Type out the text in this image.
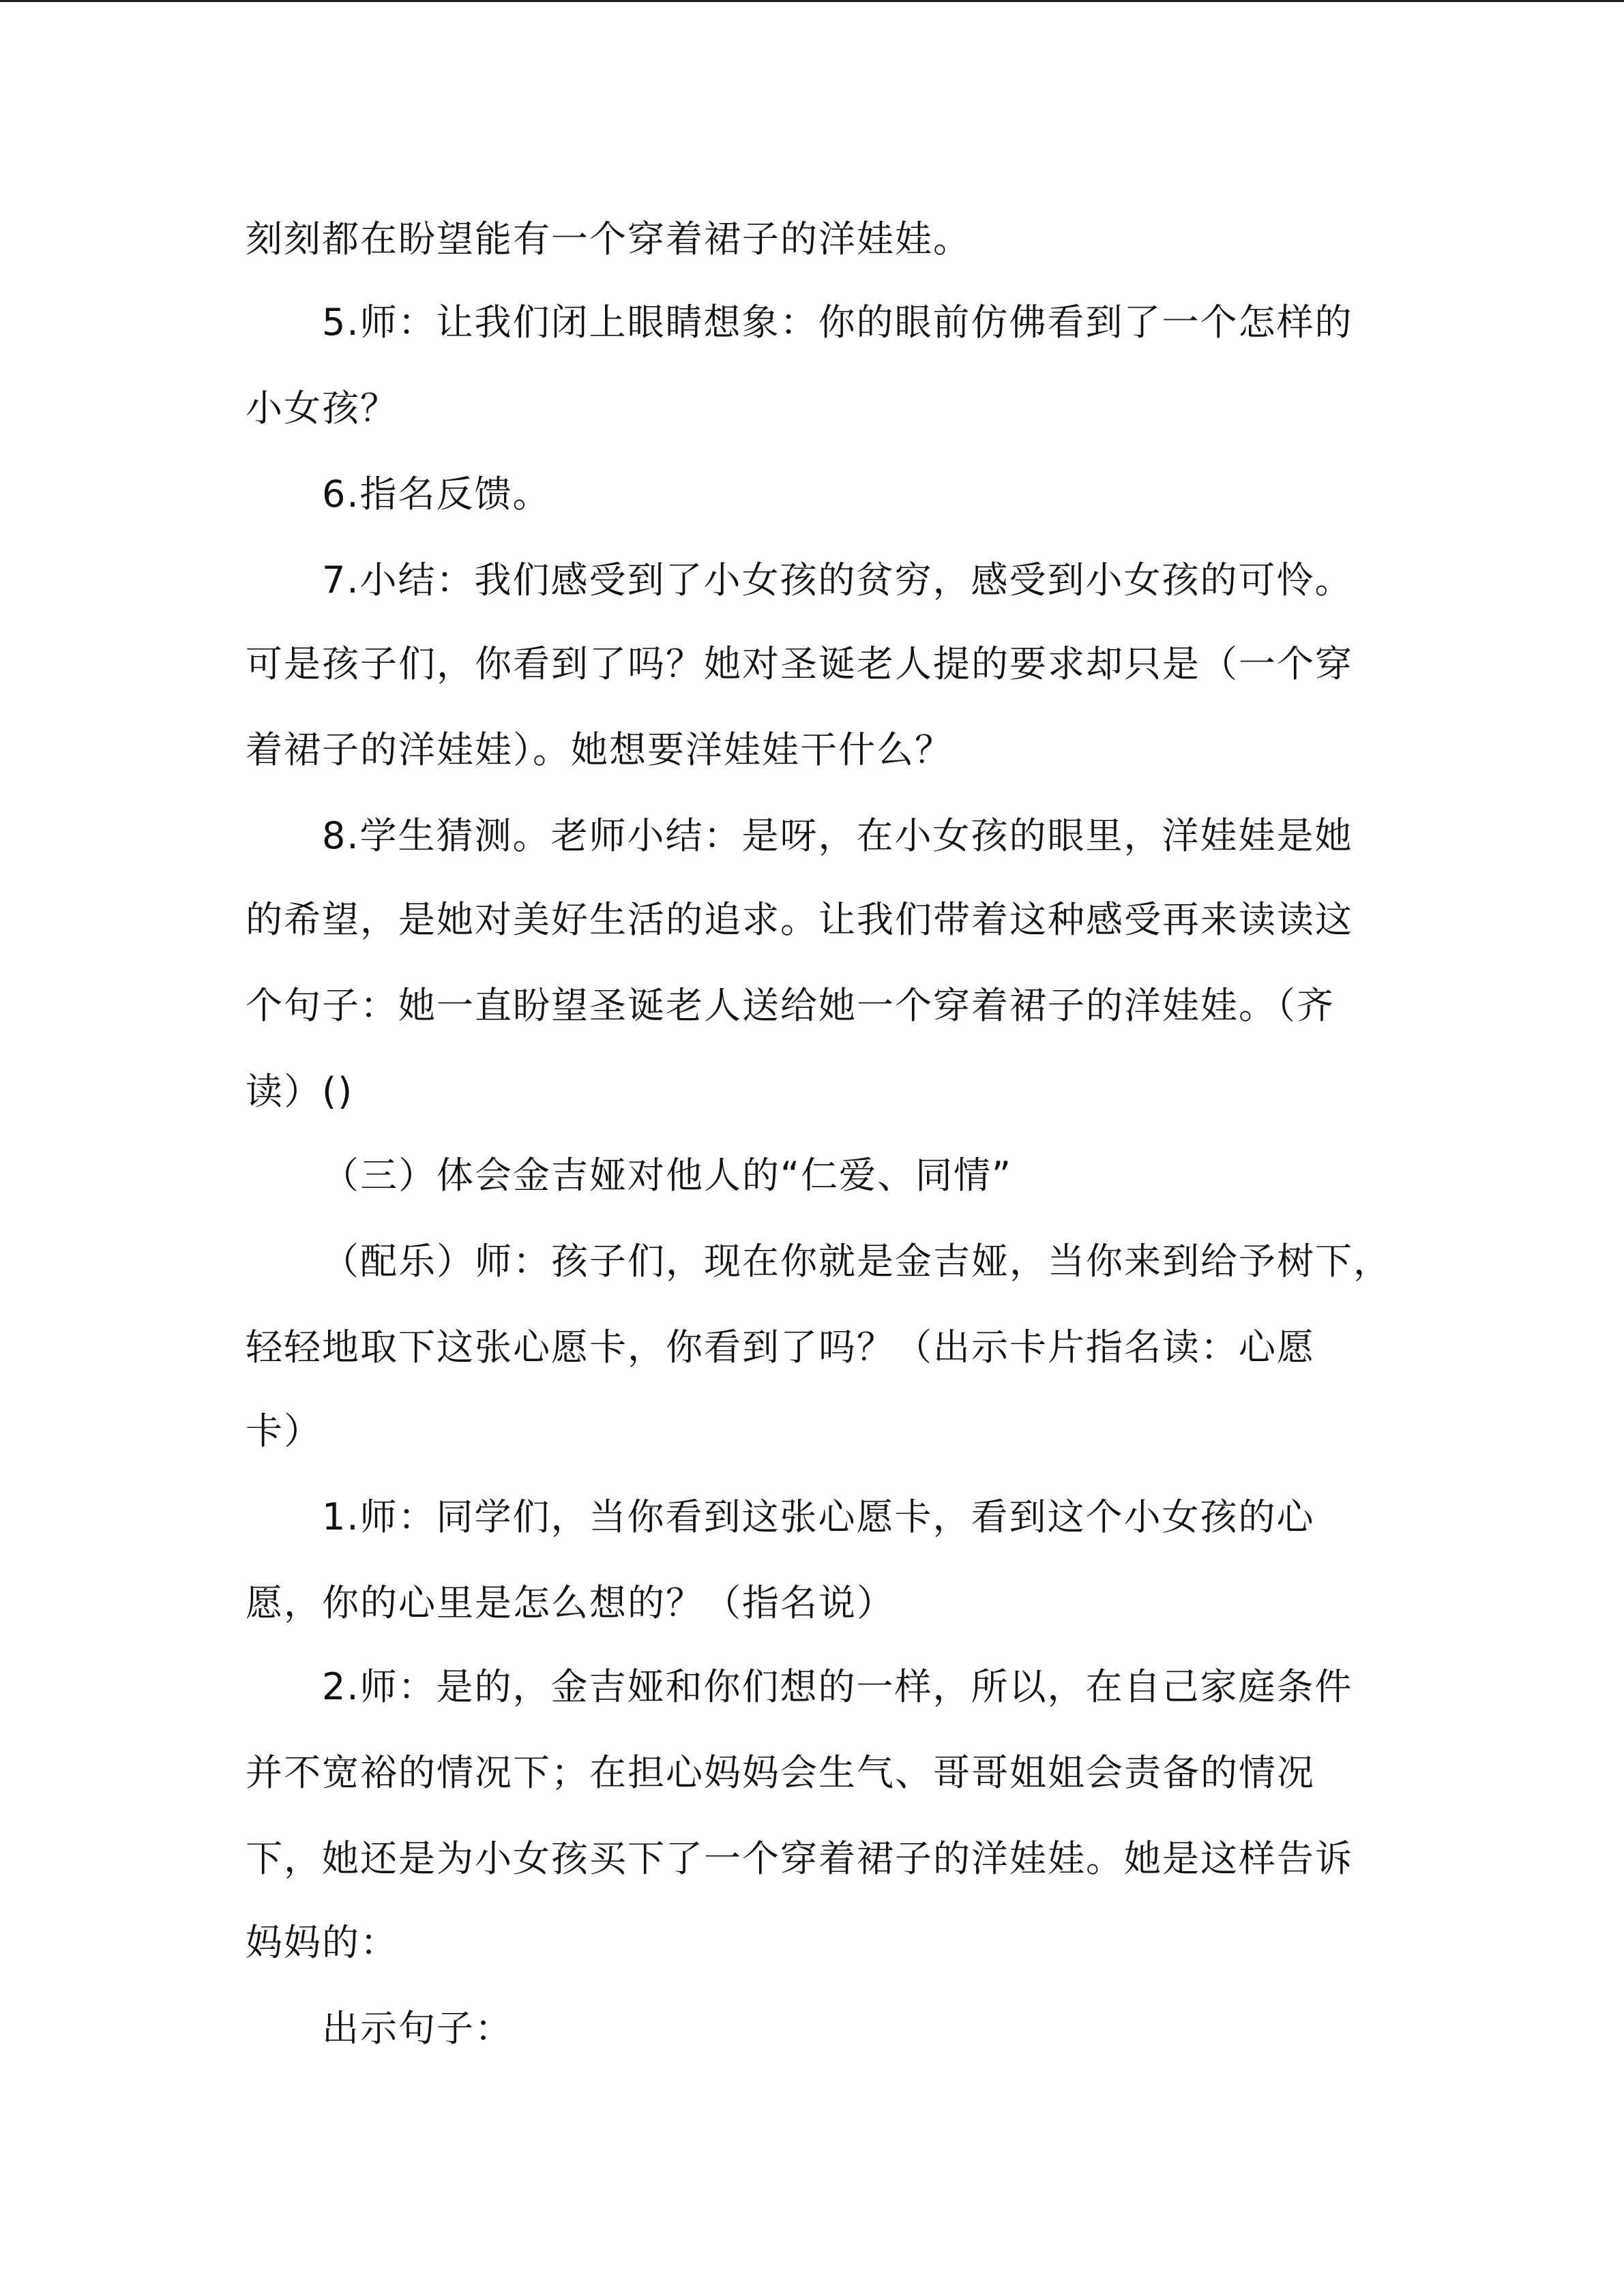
刻刻都在盼望能有一个穿着裙子的洋娃娃。
5.师：让我们闭上眼睛想象：你的眼前仿佛看到了一个怎样的
小女孩？
6.指名反馈。
7.小结：我们感受到了小女孩的贫穷，感受到小女孩的可怜。
可是孩子们，你看到了吗？她对圣诞老人提的要求却只是（一个穿
着裙子的洋娃娃）。她想要洋娃娃干什么？
8.学生猜测。老师小结：是呀，在小女孩的眼里，洋娃娃是她
的希望，是她对美好生活的追求。让我们带着这种感受再来读读这
个句子：她一直盼望圣诞老人送给她一个穿着裙子的洋娃娃。（齐
读）()
（三）体会金吉娅对他人的“仁爱、同情”
（配乐）师：孩子们，现在你就是金吉娅，当你来到给予树下，
轻轻地取下这张心愿卡，你看到了吗？（出示卡片指名读：心愿
卡）
1.师：同学们，当你看到这张心愿卡，看到这个小女孩的心
愿，你的心里是怎么想的？（指名说）
2.师：是的，金吉娅和你们想的一样，所以，在自己家庭条件
并不宽裕的情况下；在担心妈妈会生气、哥哥姐姐会责备的情况
下，她还是为小女孩买下了一个穿着裙子的洋娃娃。她是这样告诉
妈妈的：
出示句子：
